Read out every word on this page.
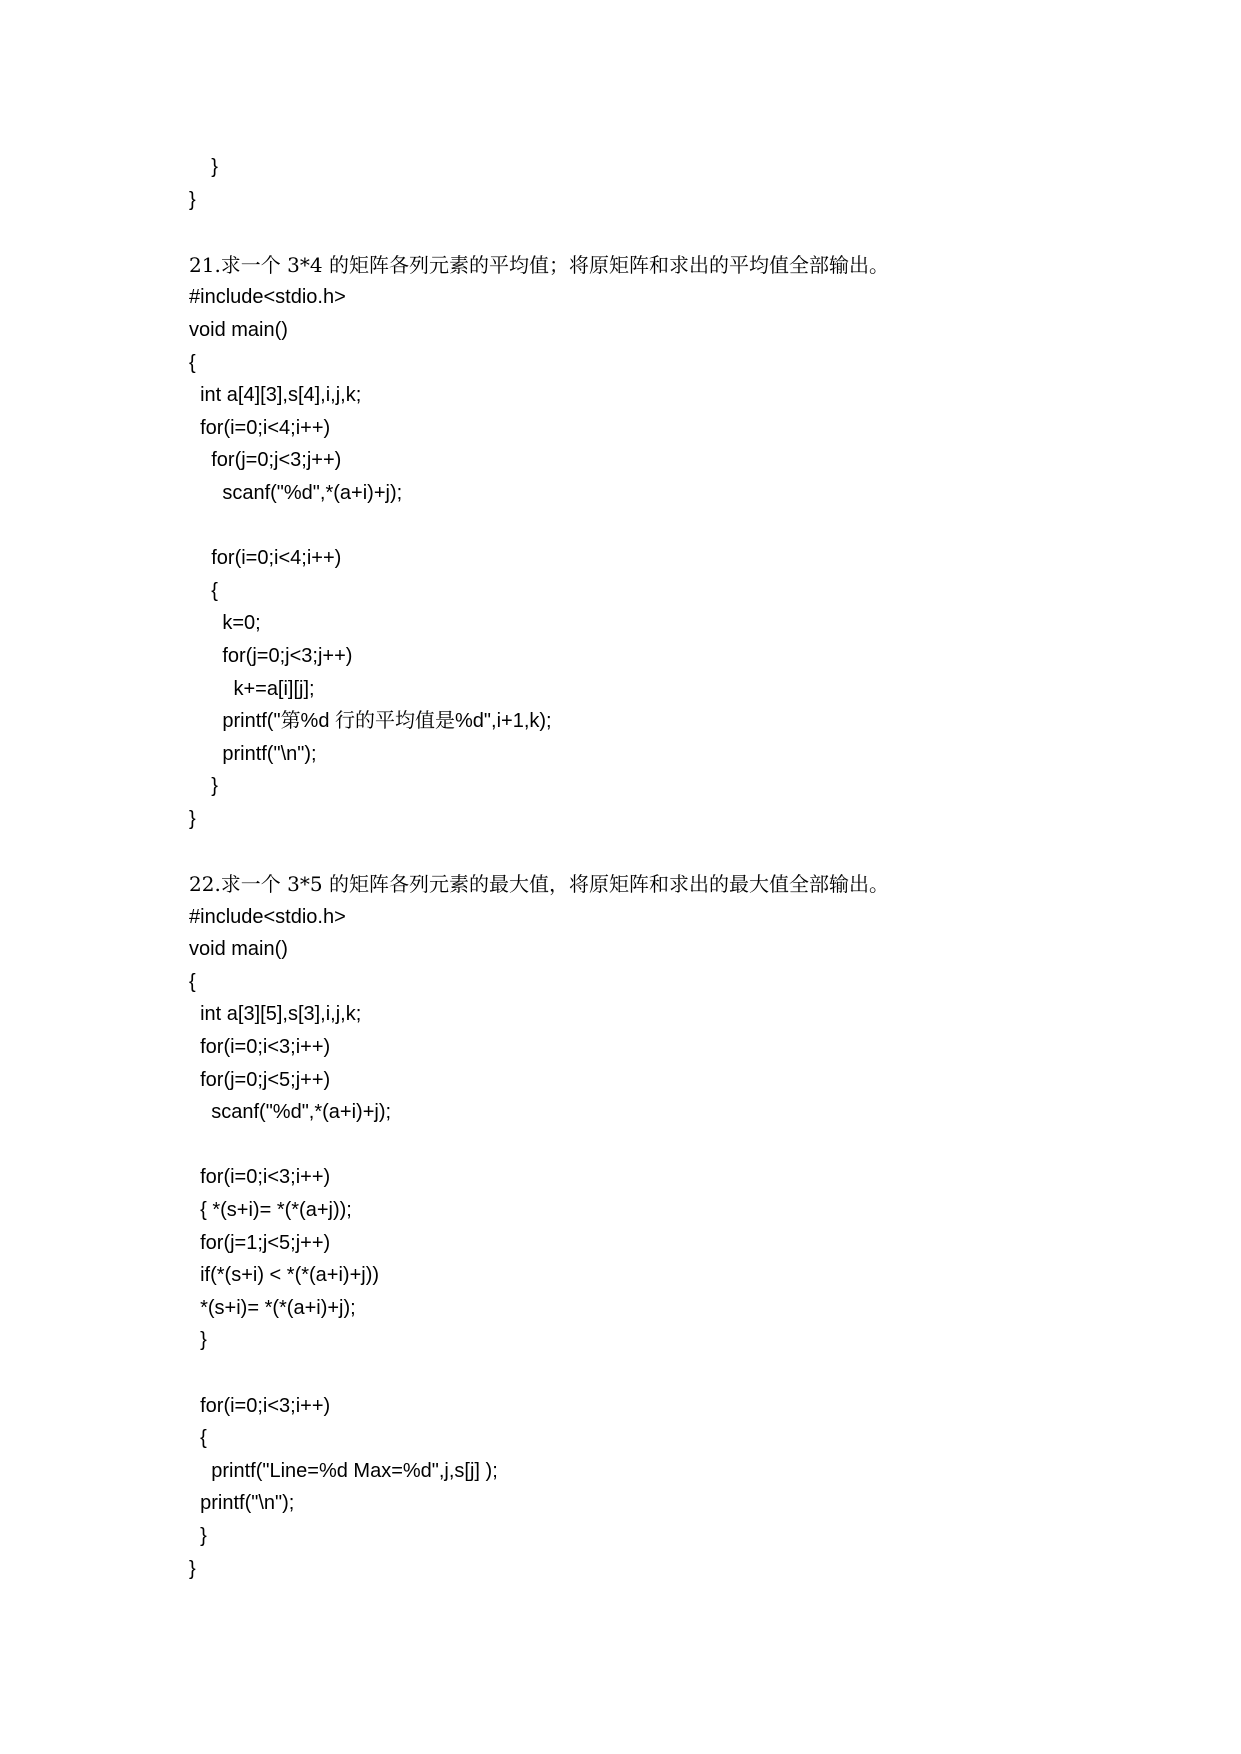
}
}
21.求一个 3*4 的矩阵各列元素的平均值；将原矩阵和求出的平均值全部输出。
#include<stdio.h>
void main()
{
int a[4][3],s[4],i,j,k;
for(i=0;i<4;i++)
for(j=0;j<3;j++)
scanf("%d",*(a+i)+j);
for(i=0;i<4;i++)
{
k=0;
for(j=0;j<3;j++)
k+=a[i][j];
printf("第%d 行的平均值是%d",i+1,k);
printf("\n");
}
}
22.求一个 3*5 的矩阵各列元素的最大值，将原矩阵和求出的最大值全部输出。
#include<stdio.h>
void main()
{
int a[3][5],s[3],i,j,k;
for(i=0;i<3;i++)
for(j=0;j<5;j++)
scanf("%d",*(a+i)+j);
for(i=0;i<3;i++)
{ *(s+i)= *(*(a+j));
for(j=1;j<5;j++)
if(*(s+i) < *(*(a+i)+j))
*(s+i)= *(*(a+i)+j);
}
for(i=0;i<3;i++)
{
printf("Line=%d Max=%d",j,s[j] );
printf("\n");
}
}
